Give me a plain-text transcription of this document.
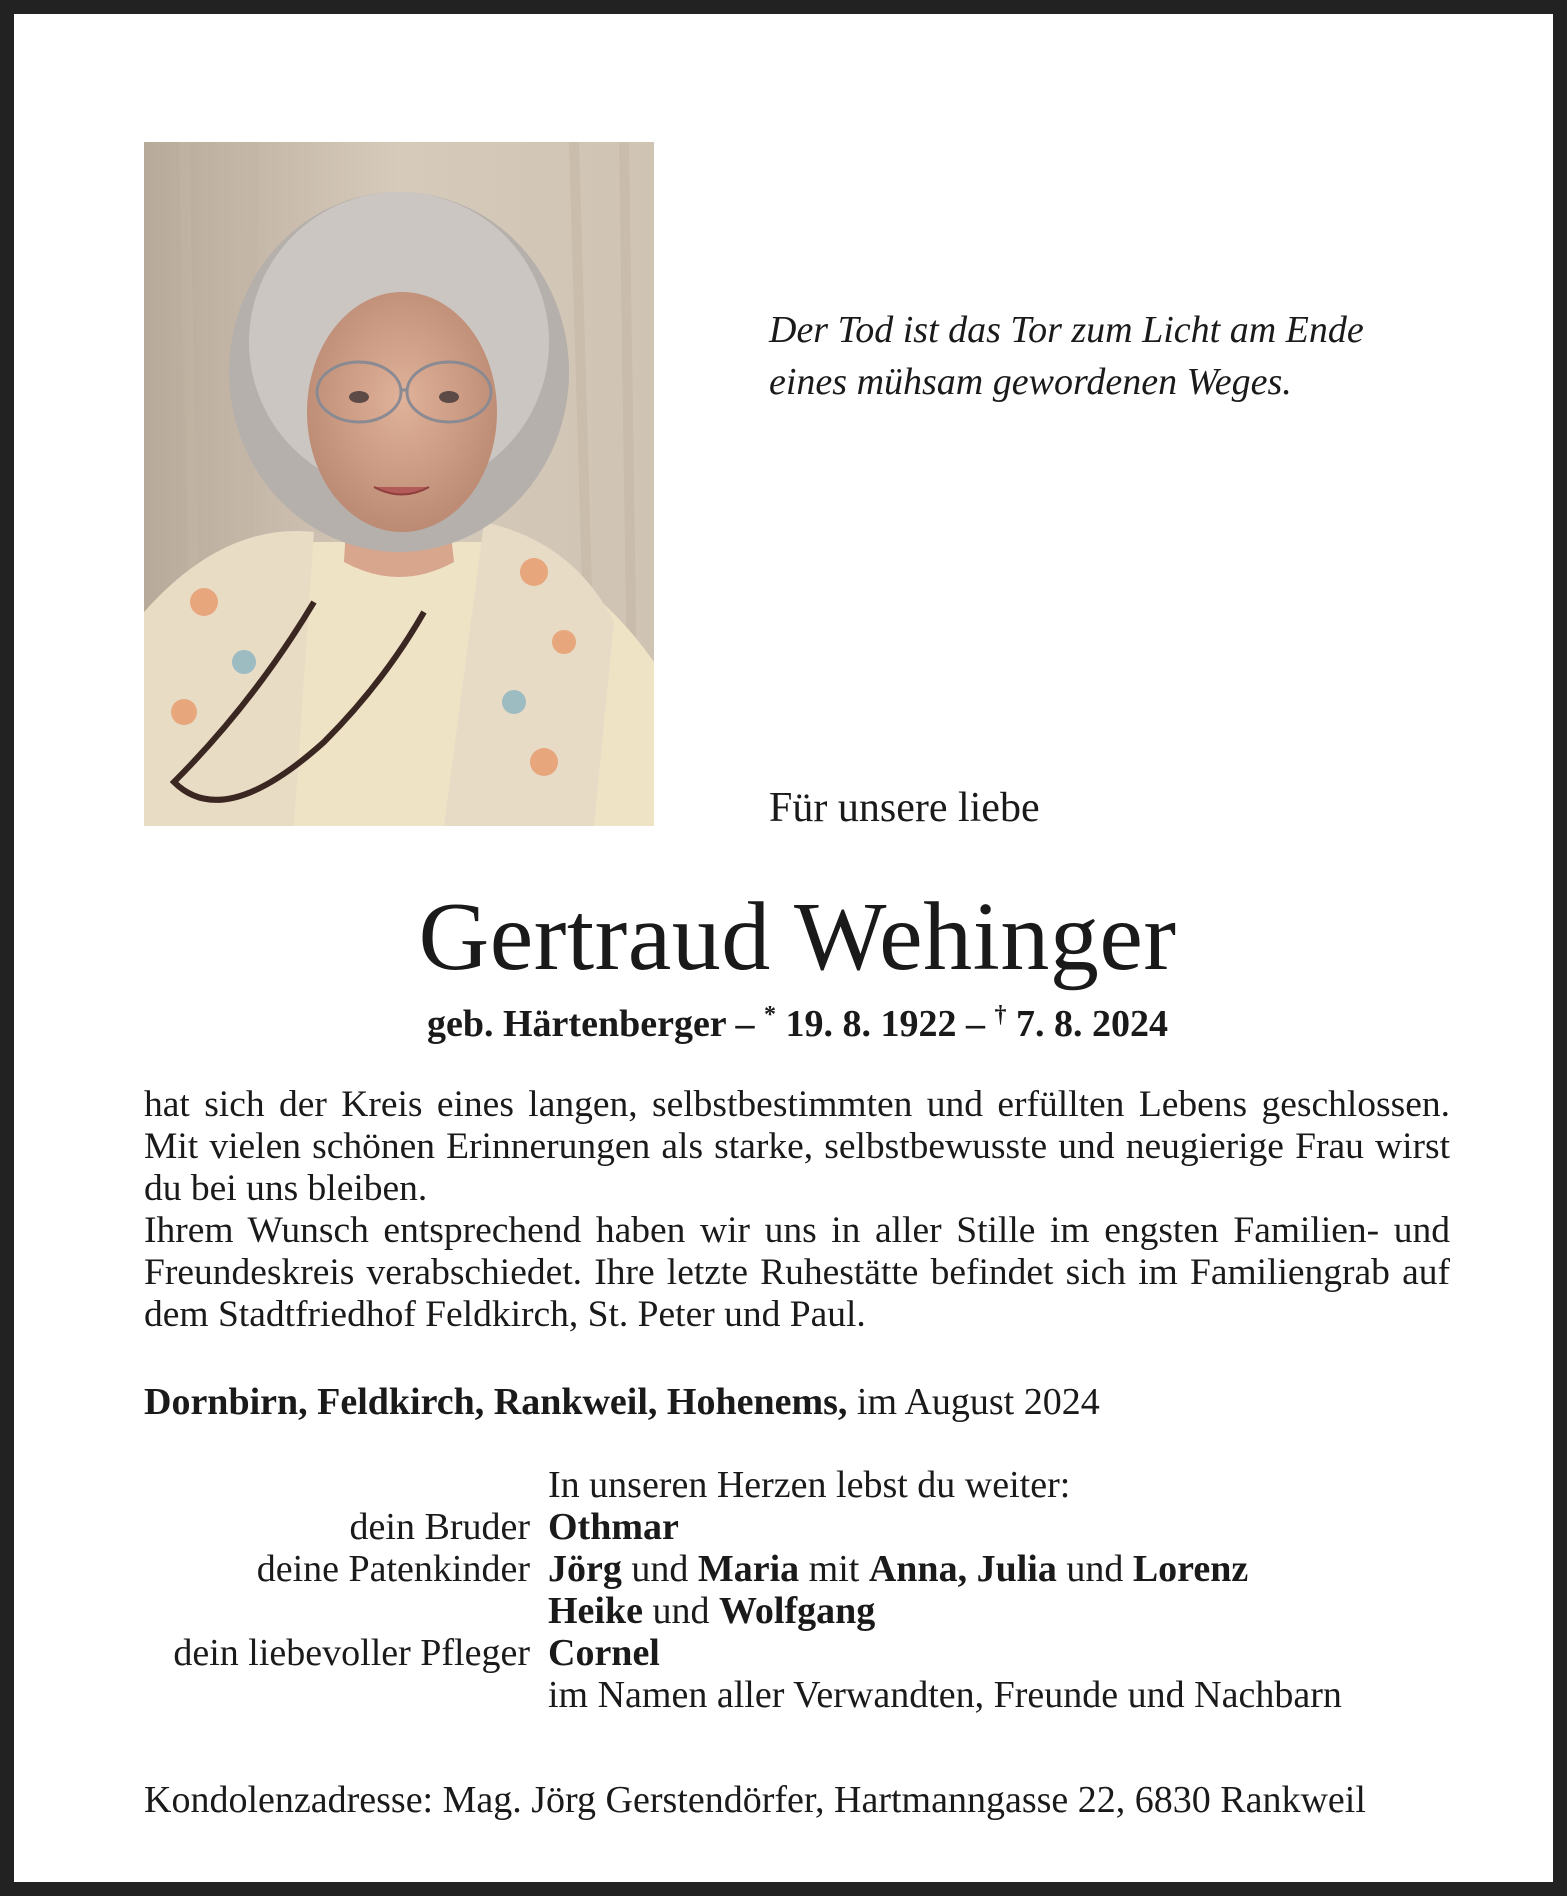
Der Tod ist das Tor zum Licht am Ende
eines mühsam gewordenen Weges.
Für unsere liebe
Gertraud Wehinger
geb. Härtenberger – * 19. 8. 1922 – † 7. 8. 2024

hat sich der Kreis eines langen, selbstbestimmten und erfüllten Lebens geschlossen. Mit vielen schönen Erinnerungen als starke, selbstbewusste und neugierige Frau wirst du bei uns bleiben.

Ihrem Wunsch entsprechend haben wir uns in aller Stille im engsten Familien- und Freundeskreis verabschiedet. Ihre letzte Ruhestätte befindet sich im Familiengrab auf dem Stadtfriedhof Feldkirch, St. Peter und Paul.

Dornbirn, Feldkirch, Rankweil, Hohenems, im August 2024
In unseren Herzen lebst du weiter:
dein Bruder Othmar
deine Patenkinder Jörg und Maria mit Anna, Julia und Lorenz
Heike und Wolfgang
dein liebevoller Pfleger Cornel
im Namen aller Verwandten, Freunde und Nachbarn
Kondolenzadresse: Mag. Jörg Gerstendörfer, Hartmanngasse 22, 6830 Rankweil
